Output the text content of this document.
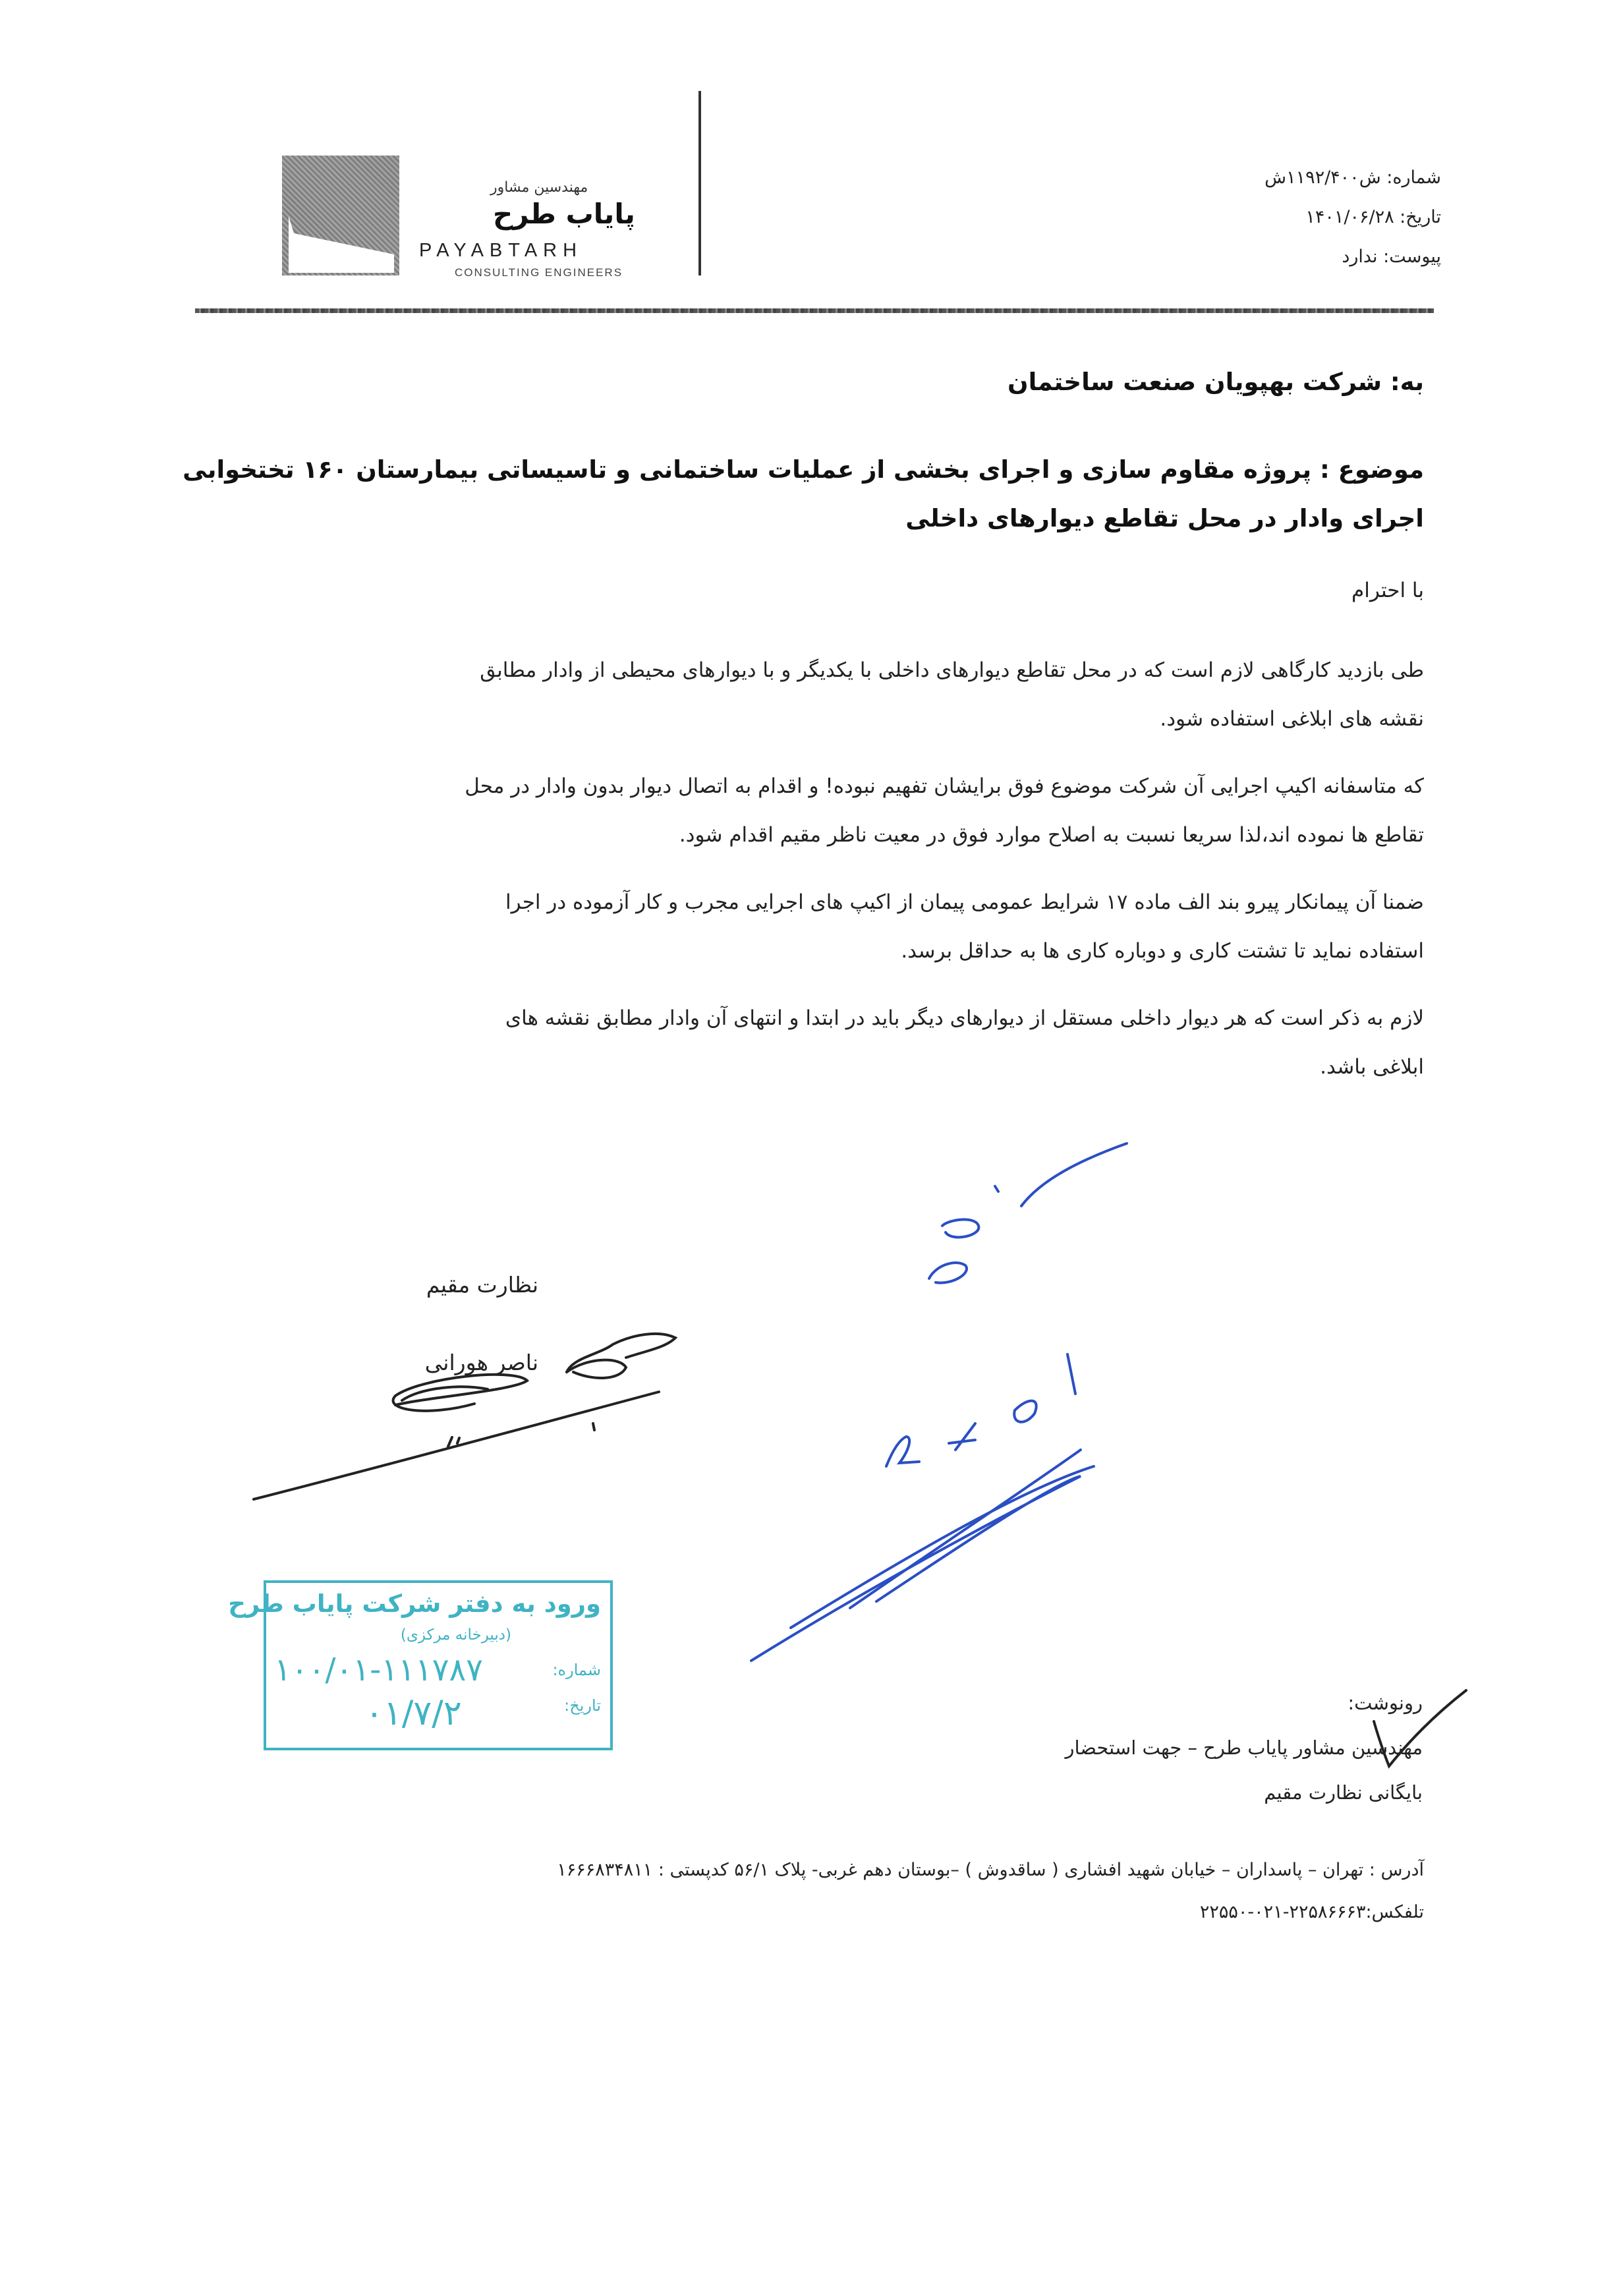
مهندسین مشاور
پایاب طرح
PAYABTARH
CONSULTING ENGINEERS
شماره: ش۱۱۹۲/۴۰۰ش
تاریخ: ۱۴۰۱/۰۶/۲۸
پیوست: ندارد
به: شرکت بهپویان صنعت ساختمان
موضوع : پروژه مقاوم سازی و اجرای بخشی از عملیات ساختمانی و تاسیساتی بیمارستان ۱۶۰ تختخوابی
اجرای وادار در محل تقاطع دیوارهای داخلی
با احترام
طی بازدید کارگاهی لازم است که در محل تقاطع دیوارهای داخلی با یکدیگر و با دیوارهای محیطی از وادار مطابق
نقشه های ابلاغی استفاده شود.
که متاسفانه اکیپ اجرایی آن شرکت موضوع فوق برایشان تفهیم نبوده! و اقدام به اتصال دیوار بدون وادار در محل
تقاطع ها نموده اند،لذا سریعا نسبت به اصلاح موارد فوق در معیت ناظر مقیم اقدام شود.
ضمنا آن پیمانکار پیرو بند الف ماده ۱۷ شرایط عمومی پیمان از اکیپ های اجرایی مجرب و کار آزموده در اجرا
استفاده نماید تا تشتت کاری و دوباره کاری ها به حداقل برسد.
لازم به ذکر است که هر دیوار داخلی مستقل از دیوارهای دیگر باید در ابتدا و انتهای آن وادار مطابق نقشه های
ابلاغی باشد.
نظارت مقیم
ناصر هورانی
ورود به دفتر شرکت پایاب طرح
(دبیرخانه مرکزی)
شماره:
تاریخ:
۱۰۰/۰۱-۱۱۱۷۸۷
۰۱/۷/۲	رونوشت:
مهندسین مشاور پایاب طرح – جهت استحضار
بایگانی نظارت مقیم
آدرس : تهران – پاسداران – خیابان شهید افشاری ( ساقدوش ) –بوستان دهم غربی- پلاک ۵۶/۱ کدپستی : ۱۶۶۶۸۳۴۸۱۱
تلفکس:۲۲۵۸۶۶۶۳-۰۲۱-۲۲۵۵۰
